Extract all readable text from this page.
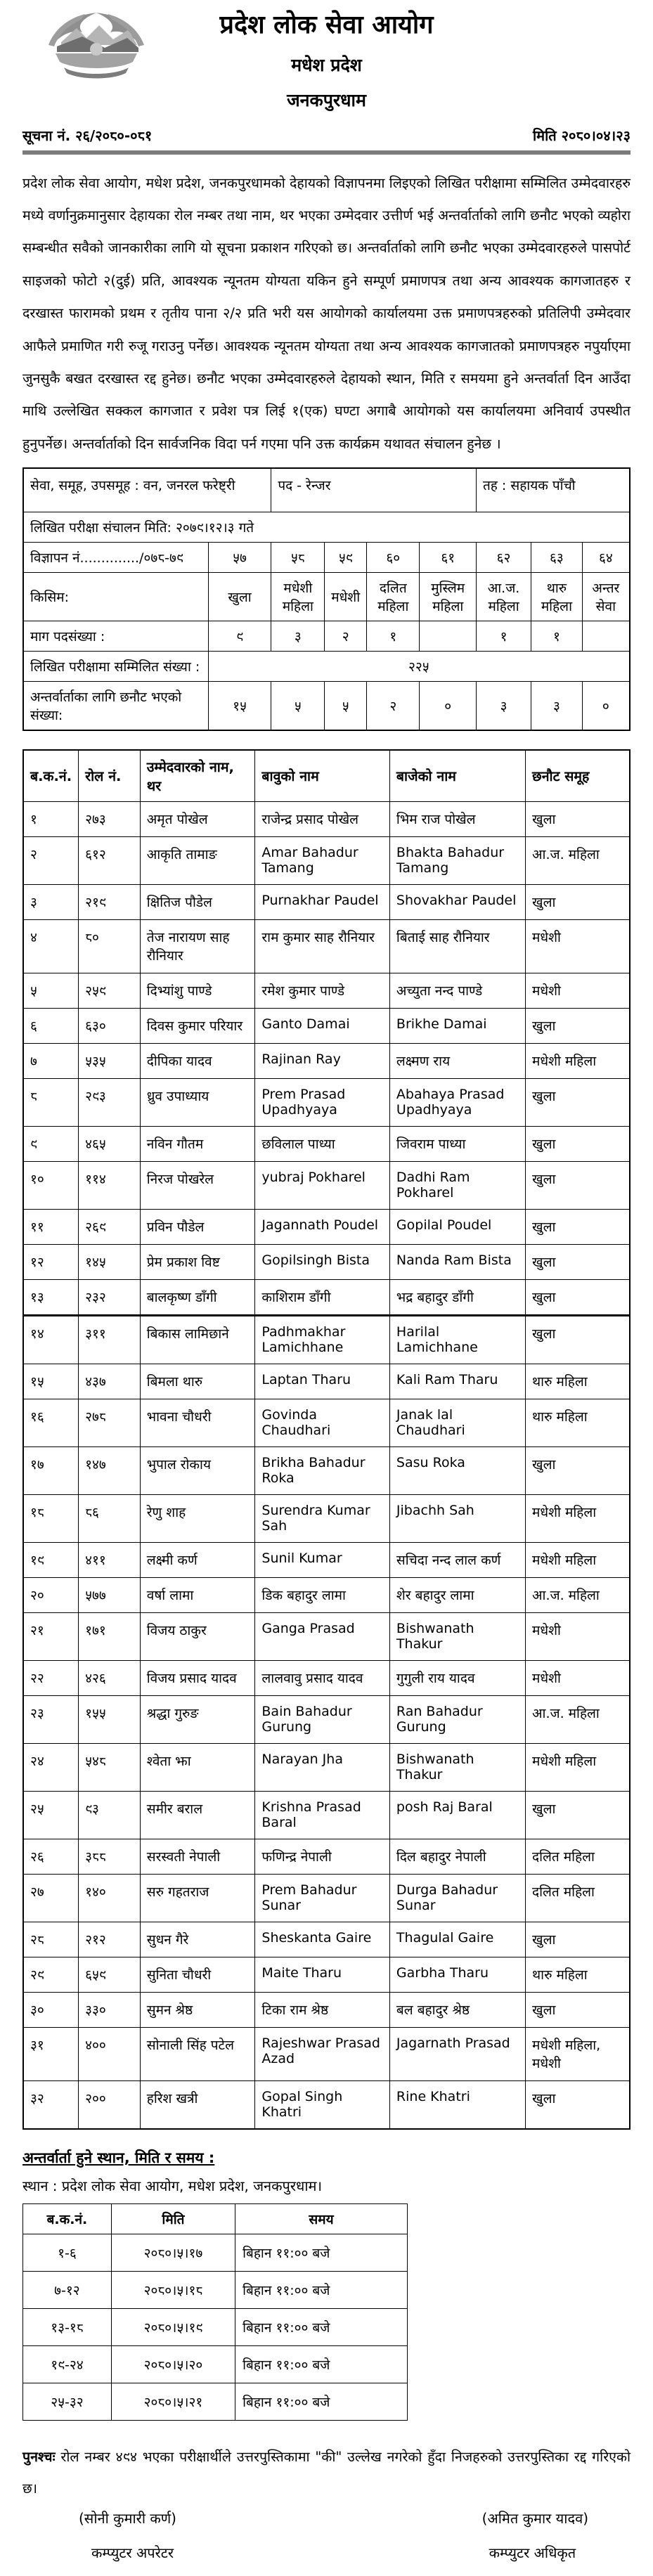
प्रदेश लोक सेवा आयोग
मधेश प्रदेश
जनकपुरधाम
सूचना नं. २६/२०८०-०८१	मिति २०८०।०४।२३

प्रदेश लोक सेवा आयोग, मधेश प्रदेश, जनकपुरधामको देहायको विज्ञापनमा लिइएको लिखित परीक्षामा सम्मिलित उम्मेदवारहरु मध्ये वर्णानुक्रमानुसार देहायका रोल नम्बर तथा नाम, थर भएका उम्मेदवार उत्तीर्ण भई अन्तर्वार्ताको लागि छनौट भएको व्यहोरा सम्बन्धीत सवैको जानकारीका लागि यो सूचना प्रकाशन गरिएको छ। अन्तर्वार्ताको लागि छनौट भएका उम्मेदवारहरुले पासपोर्ट साइजको फोटो २(दुई) प्रति, आवश्यक न्यूनतम योग्यता यकिन हुने सम्पूर्ण प्रमाणपत्र तथा अन्य आवश्यक कागजातहरु र दरखास्त फारामको प्रथम र तृतीय पाना २/२ प्रति भरी यस आयोगको कार्यालयमा उक्त प्रमाणपत्रहरुको प्रतिलिपी उम्मेदवार आफैले प्रमाणित गरी रुजू गराउनु पर्नेछ। आवश्यक न्यूनतम योग्यता तथा अन्य आवश्यक कागजातको प्रमाणपत्रहरु नपुर्याएमा जुनसुकै बखत दरखास्त रद्द हुनेछ। छनौट भएका उम्मेदवारहरुले देहायको स्थान, मिति र समयमा हुने अन्तर्वार्ता दिन आउँदा माथि उल्लेखित सक्कल कागजात र प्रवेश पत्र लिई १(एक) घण्टा अगाबै आयोगको यस कार्यालयमा अनिवार्य उपस्थीत हुनुपर्नेछ। अन्तर्वार्ताको दिन सार्वजनिक विदा पर्न गएमा पनि उक्त कार्यक्रम यथावत संचालन हुनेछ ।

सेवा, समूह, उपसमूह : वन, जनरल फरेष्ट्री		पद - रेन्जर				तह : सहायक पाँचौ		
लिखित परीक्षा संचालन मिति: २०७९।१२।३ गते								
विज्ञापन नं............../०७८-७९	५७	५८	५९	६०	६१	६२	६३	६४
किसिम:	खुला	मधेशी महिला	मधेशी	दलित महिला	मुस्लिम महिला	आ.ज. महिला	थारु महिला	अन्तर सेवा
माग पदसंख्या :	९	३	२	१		१	१	
लिखित परीक्षामा सम्मिलित संख्या :	२२५							
अन्तर्वार्ताका लागि छनौट भएको संख्या:	१५	५	५	२	०	३	३	०
ब.क.नं.	रोल नं.	उम्मेदवारको नाम, थर	बावुको नाम	बाजेको नाम	छनौट समूह
१	२७३	अमृत पोखेल	राजेन्द्र प्रसाद पोखेल	भिम राज पोखेल	खुला
२	६१२	आकृति तामाङ	Amar Bahadur Tamang	Bhakta Bahadur Tamang	आ.ज. महिला
३	२१९	क्षितिज पौडेल	Purnakhar Paudel	Shovakhar Paudel	खुला
४	८०	तेज नारायण साह रौनियार	राम कुमार साह रौनियार	बिताई साह रौनियार	मधेशी
५	२५९	दिभ्यांशु पाण्डे	रमेश कुमार पाण्डे	अच्युता नन्द पाण्डे	मधेशी
६	६३०	दिवस कुमार परियार	Ganto Damai	Brikhe Damai	खुला
७	५३५	दीपिका यादव	Rajinan Ray	लक्ष्मण राय	मधेशी महिला
८	२९३	ध्रुव उपाध्याय	Prem Prasad Upadhyaya	Abahaya Prasad Upadhyaya	खुला
९	४६५	नविन गौतम	छविलाल पाध्या	जिवराम पाध्या	खुला
१०	११४	निरज पोखरेल	yubraj Pokharel	Dadhi Ram Pokharel	खुला
११	२६९	प्रविन पौडेल	Jagannath Poudel	Gopilal Poudel	खुला
१२	१४५	प्रेम प्रकाश विष्ट	Gopilsingh Bista	Nanda Ram Bista	खुला
१३	२३२	बालकृष्ण डाँगी	काशिराम डाँगी	भद्र बहादुर डाँगी	खुला
१४	३११	बिकास लामिछाने	Padhmakhar Lamichhane	Harilal Lamichhane	खुला
१५	४३७	बिमला थारु	Laptan Tharu	Kali Ram Tharu	थारु महिला
१६	२७८	भावना चौधरी	Govinda Chaudhari	Janak lal Chaudhari	थारु महिला
१७	१४७	भुपाल रोकाय	Brikha Bahadur Roka	Sasu Roka	खुला
१८	८६	रेणु शाह	Surendra Kumar Sah	Jibachh Sah	मधेशी महिला
१९	४११	लक्ष्मी कर्ण	Sunil Kumar	सचिदा नन्द लाल कर्ण	मधेशी महिला
२०	५७७	वर्षा लामा	डिक बहादुर लामा	शेर बहादुर लामा	आ.ज. महिला
२१	१७१	विजय ठाकुर	Ganga Prasad	Bishwanath Thakur	मधेशी
२२	४२६	विजय प्रसाद यादव	लालवावु प्रसाद यादव	गुगुली राय यादव	मधेशी
२३	१५५	श्रद्धा गुरुङ	Bain Bahadur Gurung	Ran Bahadur Gurung	आ.ज. महिला
२४	५४८	श्वेता झा	Narayan Jha	Bishwanath Thakur	मधेशी महिला
२५	९३	समीर बराल	Krishna Prasad Baral	posh Raj Baral	खुला
२६	३८८	सरस्वती नेपाली	फणिन्द्र नेपाली	दिल बहादुर नेपाली	दलित महिला
२७	१४०	सरु गहतराज	Prem Bahadur Sunar	Durga Bahadur Sunar	दलित महिला
२८	२१२	सुधन गैरे	Sheskanta Gaire	Thagulal Gaire	खुला
२९	६५९	सुनिता चौधरी	Maite Tharu	Garbha Tharu	थारु महिला
३०	३३०	सुमन श्रेष्ठ	टिका राम श्रेष्ठ	बल बहादुर श्रेष्ठ	खुला
३१	४००	सोनाली सिंह पटेल	Rajeshwar Prasad Azad	Jagarnath Prasad	मधेशी महिला, मधेशी
३२	२००	हरिश खत्री	Gopal Singh Khatri	Rine Khatri	खुला
अन्तर्वार्ता हुने स्थान, मिति र समय :
स्थान : प्रदेश लोक सेवा आयोग, मधेश प्रदेश, जनकपुरधाम।
ब.क.नं.	मिति	समय
१-६	२०८०।५।१७	बिहान ११:०० बजे
७-१२	२०८०।५।१८	बिहान ११:०० बजे
१३-१८	२०८०।५।१९	बिहान ११:०० बजे
१९-२४	२०८०।५।२०	बिहान ११:०० बजे
२५-३२	२०८०।५।२१	बिहान ११:०० बजे

पुनश्चः रोल नम्बर ४९४ भएका परीक्षार्थीले उत्तरपुस्तिकामा "की" उल्लेख नगरेको हुँदा निजहरुको उत्तरपुस्तिका रद्द गरिएको छ।

(सोनी कुमारी कर्ण)
कम्प्युटर अपरेटर
(अमित कुमार यादव)
कम्प्युटर अधिकृत
